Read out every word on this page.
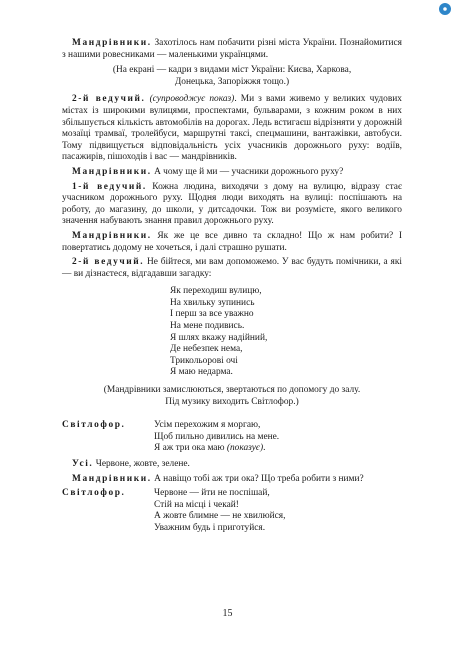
Мандрівники. Захотілось нам побачити різні міста України. Познайомитися з нашими ровесниками — маленькими українцями.

(На екрані — кадри з видами міст України: Києва, Харкова,
Донецька, Запоріжжя тощо.)

2-й ведучий. (супроводжує показ). Ми з вами живемо у великих чудових містах із широкими вулицями, проспектами, бульварами, з кожним роком в них збільшується кількість автомобілів на дорогах. Ледь встигаєш відрізняти у дорожній мозаїці трамваї, тролейбуси, маршрутні таксі, спецмашини, вантажівки, автобуси. Тому підвищується відповідальність усіх учасників дорожнього руху: водіїв, пасажирів, пішоходів і вас — мандрівників.

Мандрівники. А чому ще й ми — учасники дорожнього руху?

1-й ведучий. Кожна людина, виходячи з дому на вулицю, відразу стає учасником дорожнього руху. Щодня люди виходять на вулиці: поспішають на роботу, до магазину, до школи, у дитсадочки. Тож ви розумієте, якого великого значення набувають знання правил дорожнього руху.

Мандрівники. Як же це все дивно та складно! Що ж нам робити? І повертатись додому не хочеться, і далі страшно рушати.

2-й ведучий. Не бійтеся, ми вам допоможемо. У вас будуть помічники, а які — ви дізнаєтеся, відгадавши загадку:

Як переходиш вулицю,
На хвильку зупинись
І перш за все уважно
На мене подивись.
Я шлях вкажу надійний,
Де небезпек нема,
Трикольорові очі
Я маю недарма.
(Мандрівники замислюються, звертаються по допомогу до залу.
Під музику виходить Світлофор.)
Світлофор.	Усім перехожим я моргаю,
Щоб пильно дивились на мене.
Я аж три ока маю (показує).

Усі. Червоне, жовте, зелене.

Мандрівники. А навіщо тобі аж три ока? Що треба робити з ними?

Світлофор.	Червоне — йти не поспішай,
Стій на місці і чекай!
А жовте блимне — не хвилюйся,
Уважним будь і приготуйся.
15
